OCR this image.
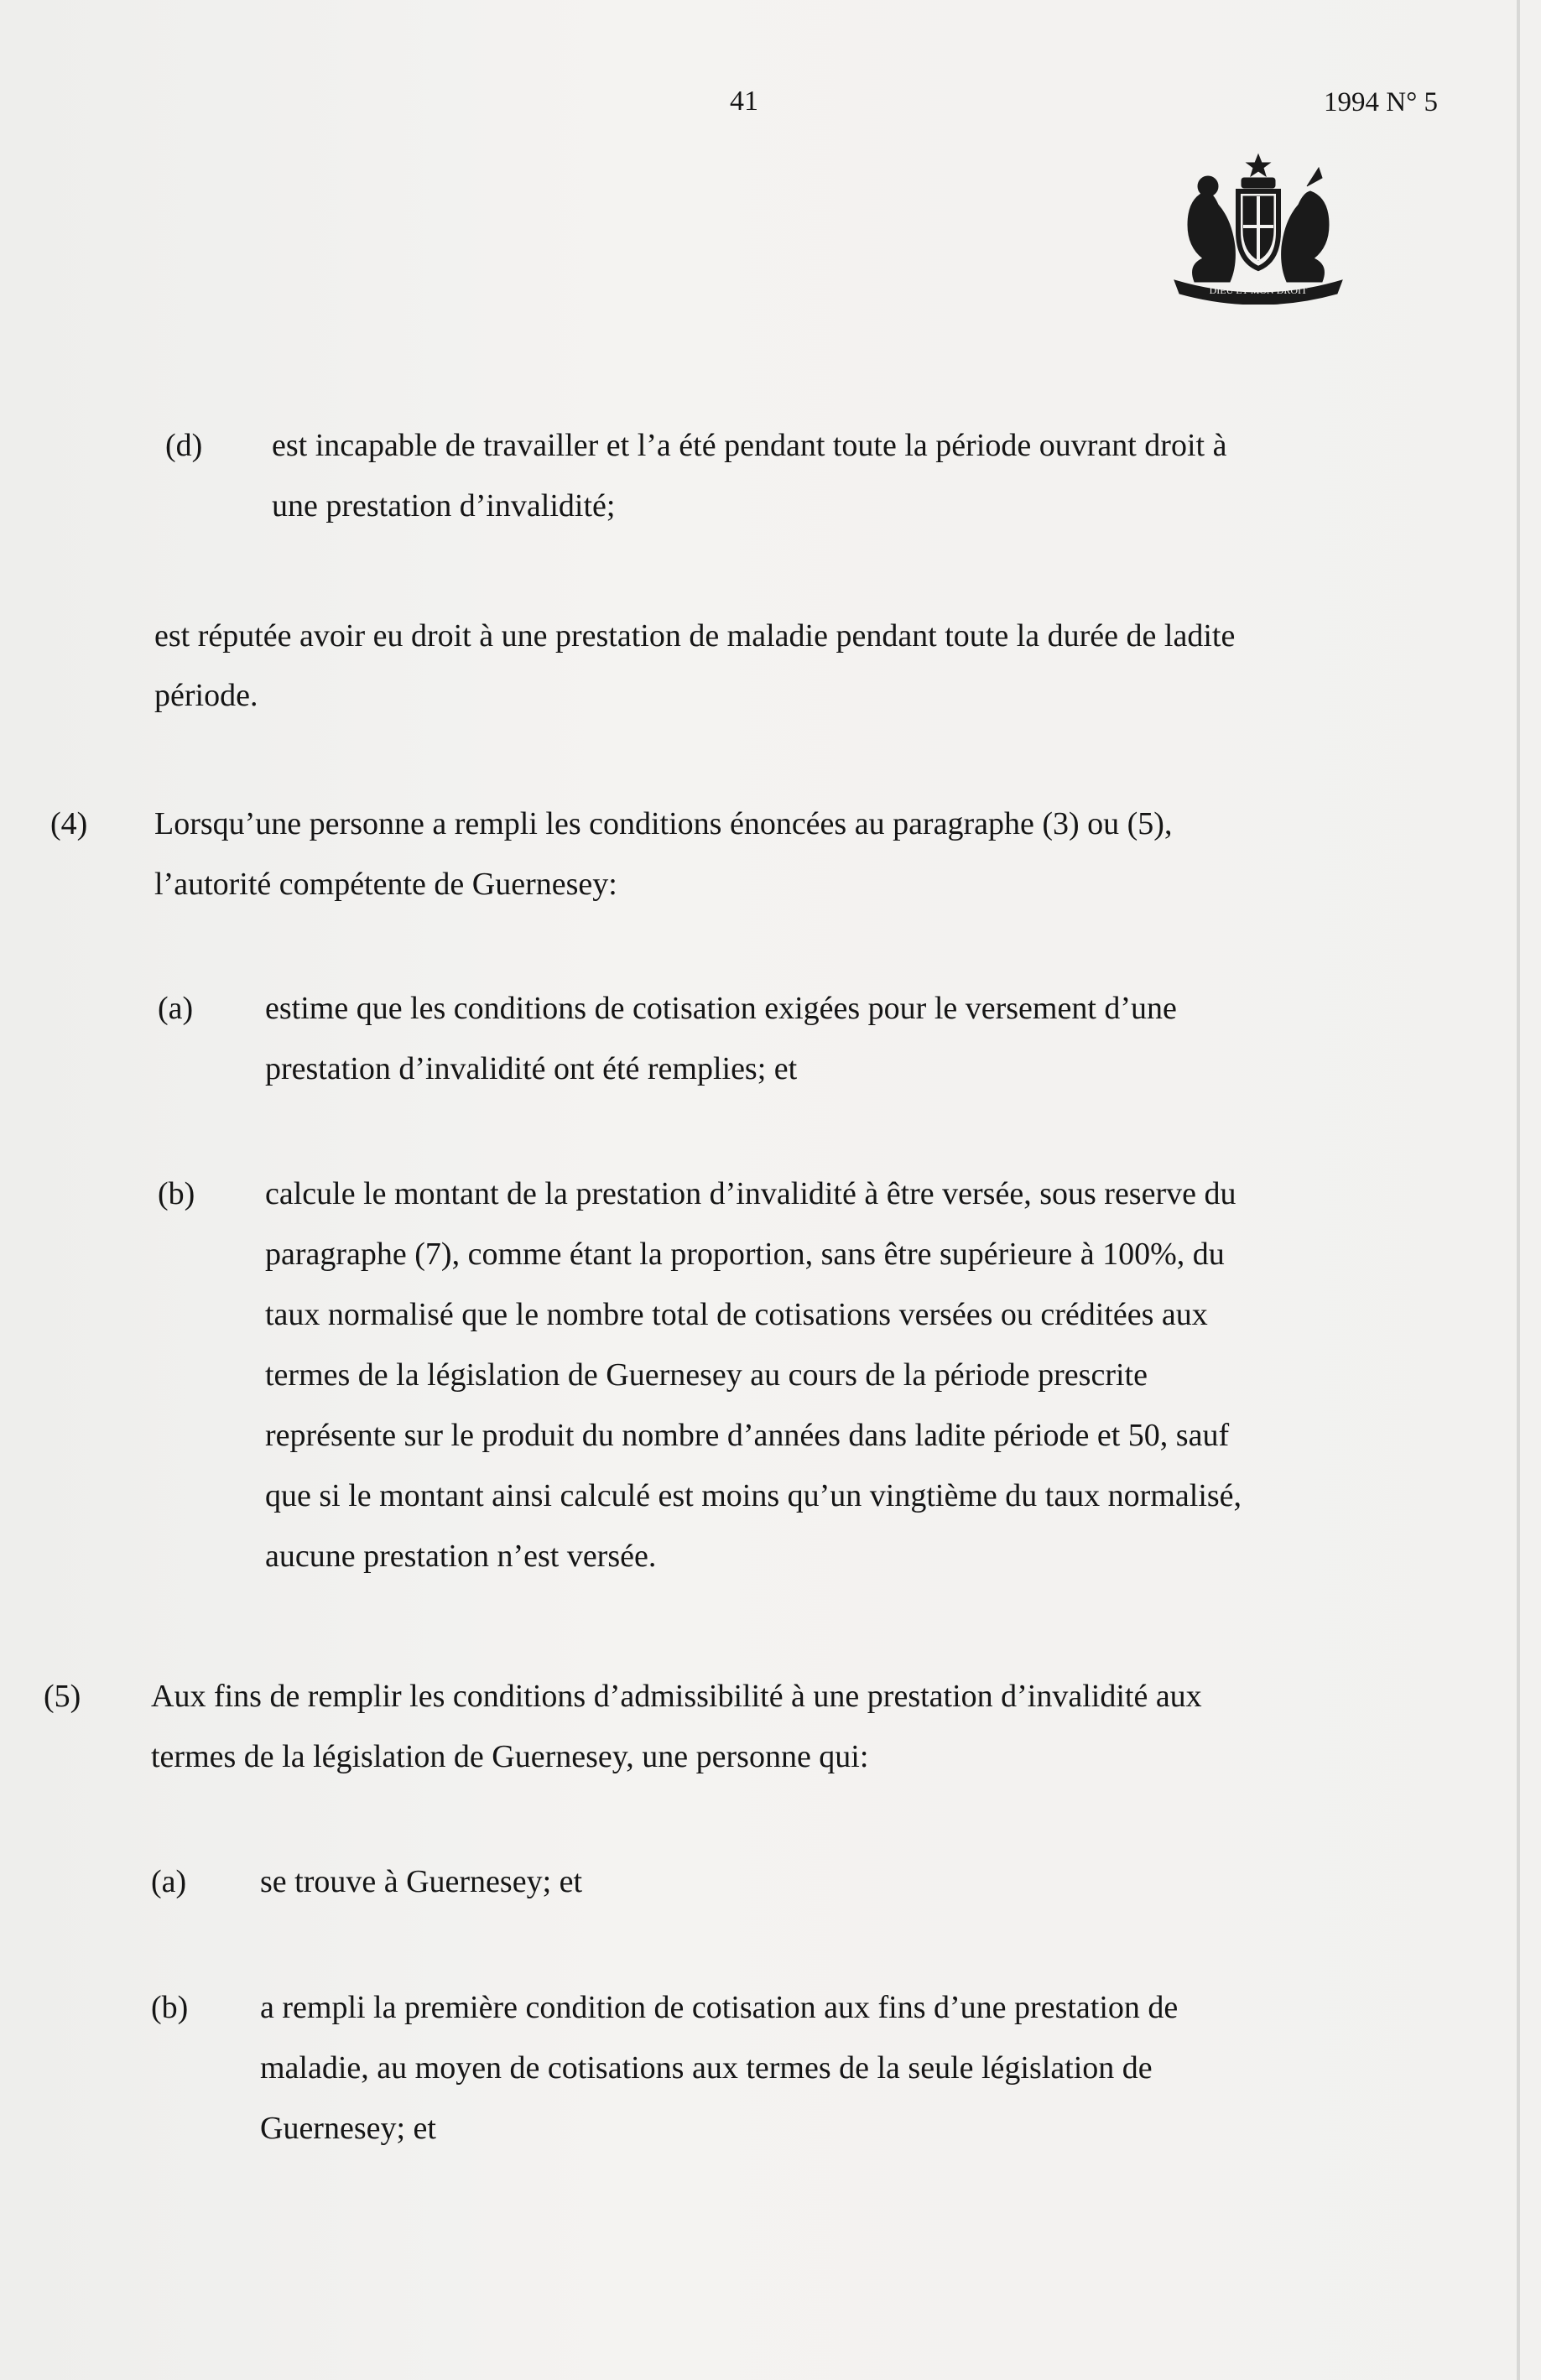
41	1994 N° 5
DIEU ET MON DROIT
(d) est incapable de travailler et l’a été pendant toute la période ouvrant droit à
une prestation d’invalidité;
est réputée avoir eu droit à une prestation de maladie pendant toute la durée de ladite
période.
(4) Lorsqu’une personne a rempli les conditions énoncées au paragraphe (3) ou (5),
l’autorité compétente de Guernesey:
(a) estime que les conditions de cotisation exigées pour le versement d’une
prestation d’invalidité ont été remplies; et
(b) calcule le montant de la prestation d’invalidité à être versée, sous reserve du
paragraphe (7), comme étant la proportion, sans être supérieure à 100%, du
taux normalisé que le nombre total de cotisations versées ou créditées aux
termes de la législation de Guernesey au cours de la période prescrite
représente sur le produit du nombre d’années dans ladite période et 50, sauf
que si le montant ainsi calculé est moins qu’un vingtième du taux normalisé,
aucune prestation n’est versée.
(5) Aux fins de remplir les conditions d’admissibilité à une prestation d’invalidité aux
termes de la législation de Guernesey, une personne qui:
(a) se trouve à Guernesey; et
(b) a rempli la première condition de cotisation aux fins d’une prestation de
maladie, au moyen de cotisations aux termes de la seule législation de
Guernesey; et
